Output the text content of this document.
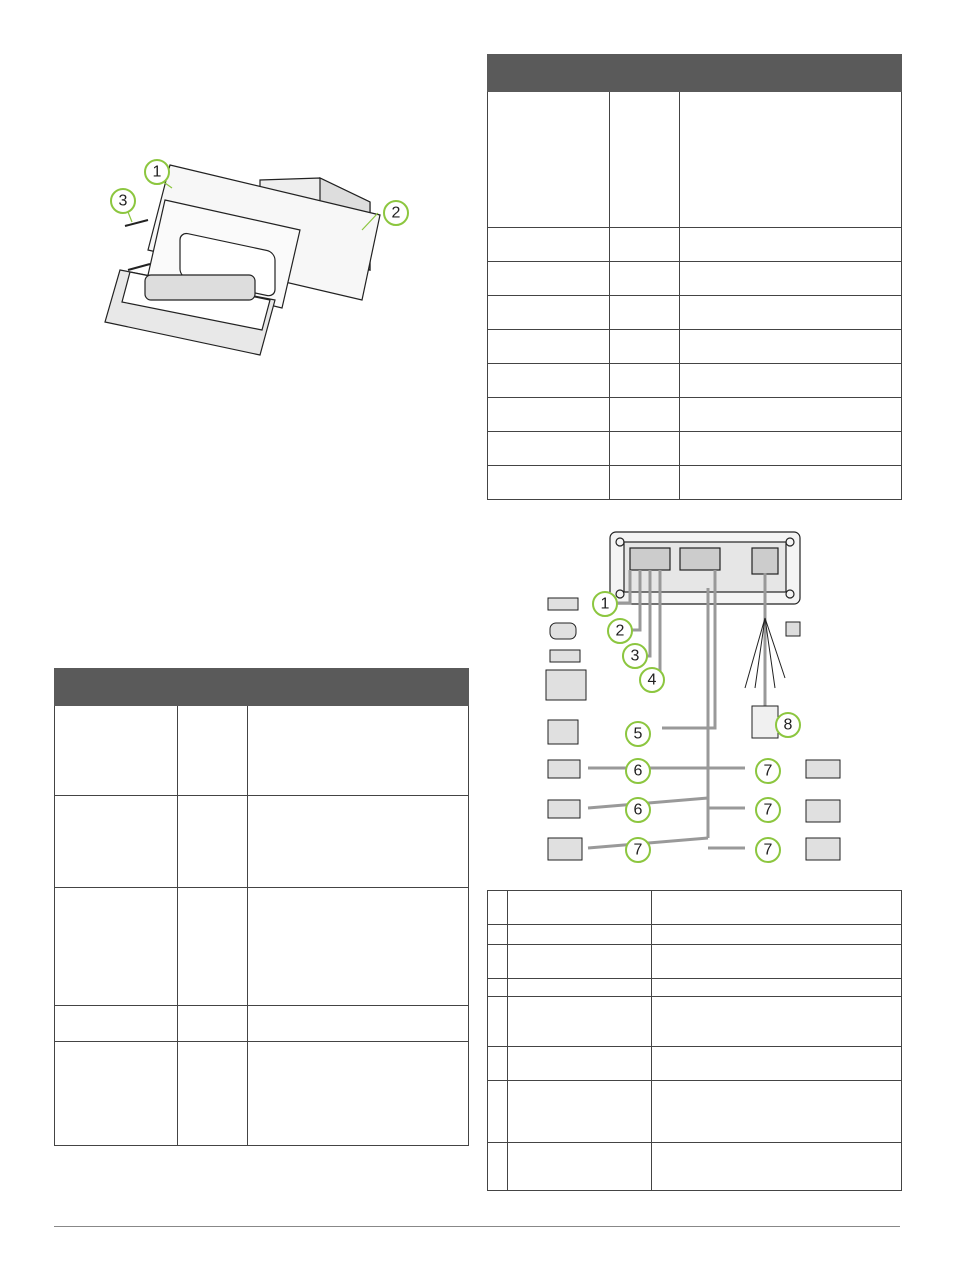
1
2
3

1
2
3
4
5
6
6
7
7
7
7
8
